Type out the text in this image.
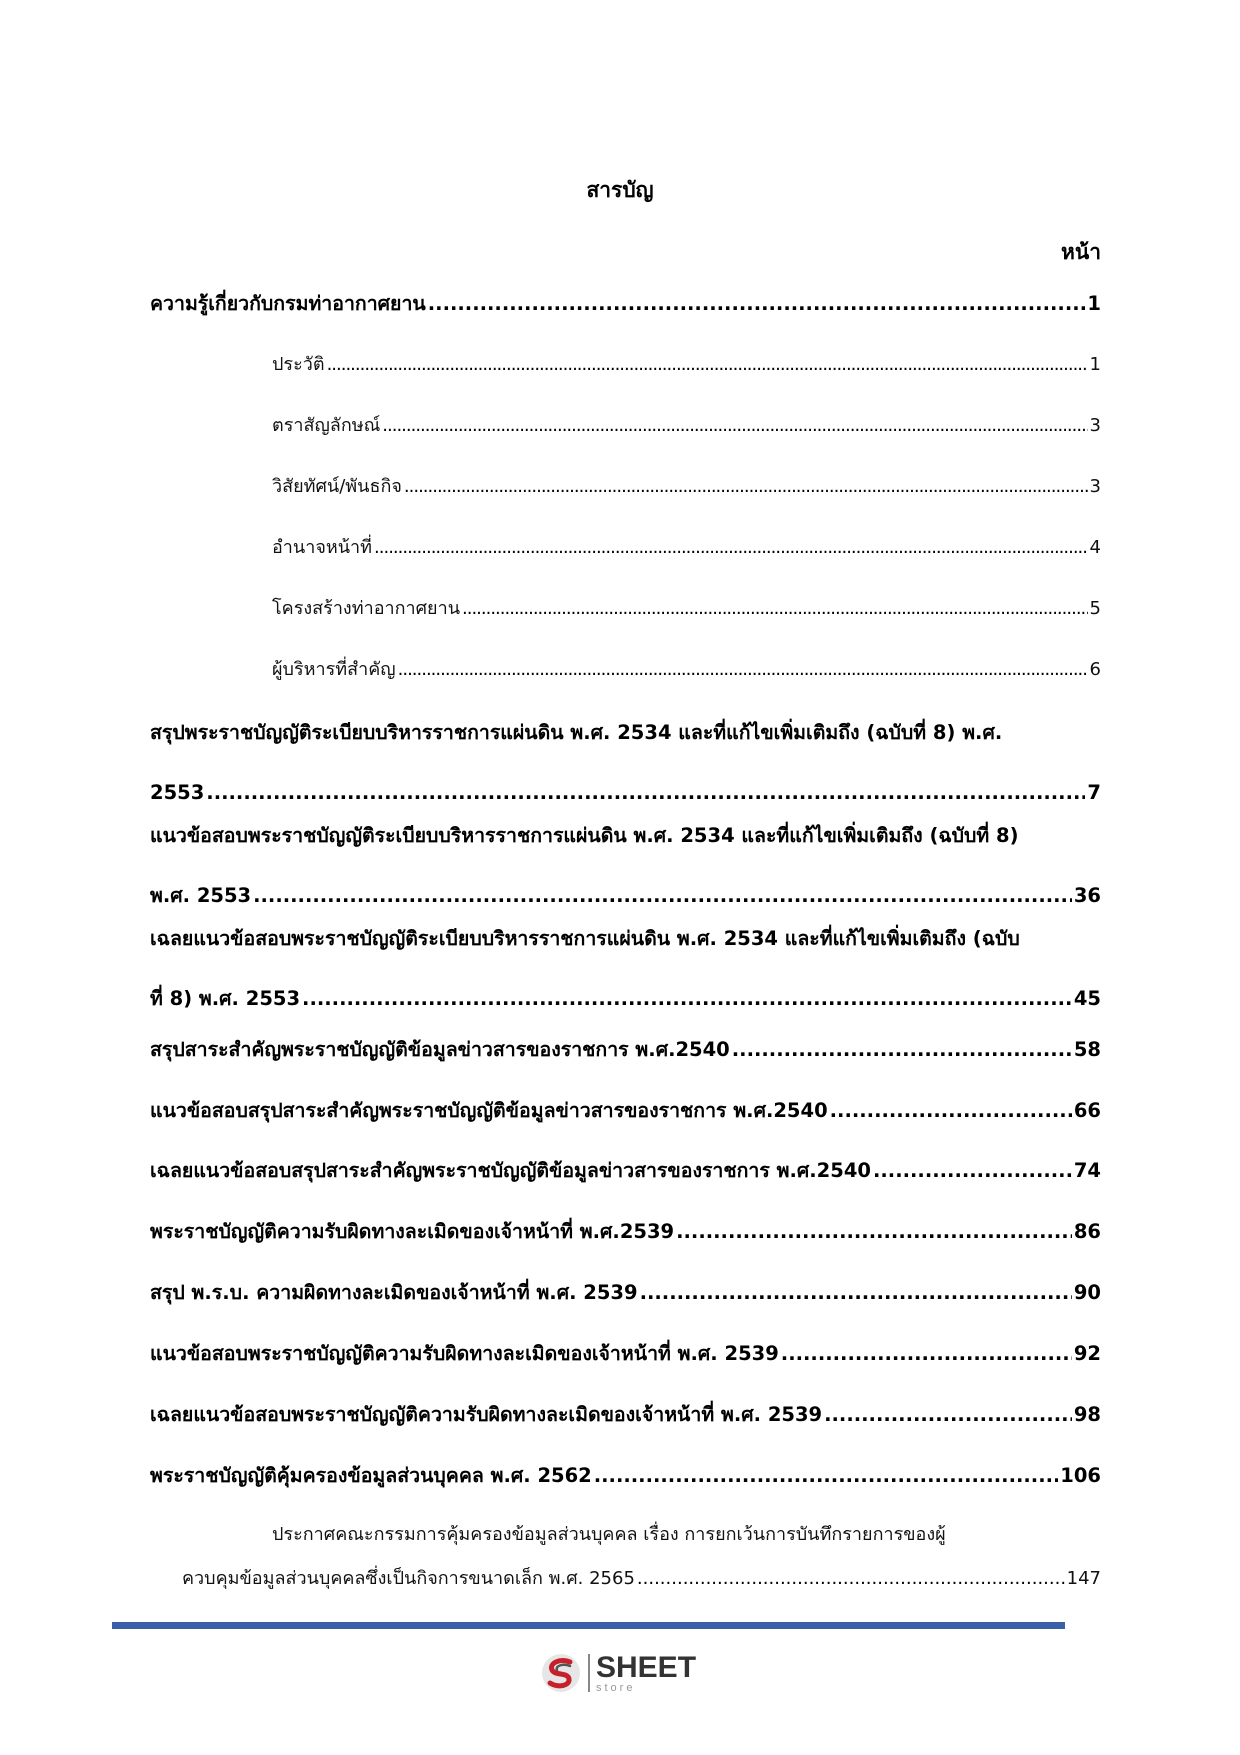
สารบัญ
หน้า
ความรู้เกี่ยวกับกรมท่าอากาศยาน .....	1
ประวัติ .....	1
ตราสัญลักษณ์ .....	3
วิสัยทัศน์/พันธกิจ .....	3
อำนาจหน้าที่ .....	4
โครงสร้างท่าอากาศยาน .....	5
ผู้บริหารที่สำคัญ .....	6
สรุปพระราชบัญญัติระเบียบบริหารราชการแผ่นดิน พ.ศ. 2534 และที่แก้ไขเพิ่มเติมถึง (ฉบับที่ 8) พ.ศ.
2553 .....	7
แนวข้อสอบพระราชบัญญัติระเบียบบริหารราชการแผ่นดิน พ.ศ. 2534 และที่แก้ไขเพิ่มเติมถึง (ฉบับที่ 8)
พ.ศ. 2553 .....	36
เฉลยแนวข้อสอบพระราชบัญญัติระเบียบบริหารราชการแผ่นดิน พ.ศ. 2534 และที่แก้ไขเพิ่มเติมถึง (ฉบับ
ที่ 8) พ.ศ. 2553 .....	45
สรุปสาระสำคัญพระราชบัญญัติข้อมูลข่าวสารของราชการ พ.ศ.2540 .....	58
แนวข้อสอบสรุปสาระสำคัญพระราชบัญญัติข้อมูลข่าวสารของราชการ พ.ศ.2540 .....	66
เฉลยแนวข้อสอบสรุปสาระสำคัญพระราชบัญญัติข้อมูลข่าวสารของราชการ พ.ศ.2540 .....	74
พระราชบัญญัติความรับผิดทางละเมิดของเจ้าหน้าที่ พ.ศ.2539 .....	86
สรุป พ.ร.บ. ความผิดทางละเมิดของเจ้าหน้าที่ พ.ศ. 2539 .....	90
แนวข้อสอบพระราชบัญญัติความรับผิดทางละเมิดของเจ้าหน้าที่ พ.ศ. 2539 .....	92
เฉลยแนวข้อสอบพระราชบัญญัติความรับผิดทางละเมิดของเจ้าหน้าที่ พ.ศ. 2539 .....	98
พระราชบัญญัติคุ้มครองข้อมูลส่วนบุคคล พ.ศ. 2562 .....	106
ประกาศคณะกรรมการคุ้มครองข้อมูลส่วนบุคคล เรื่อง การยกเว้นการบันทึกรายการของผู้
ควบคุมข้อมูลส่วนบุคคลซึ่งเป็นกิจการขนาดเล็ก พ.ศ. 2565 .....	147
SHEET
store
